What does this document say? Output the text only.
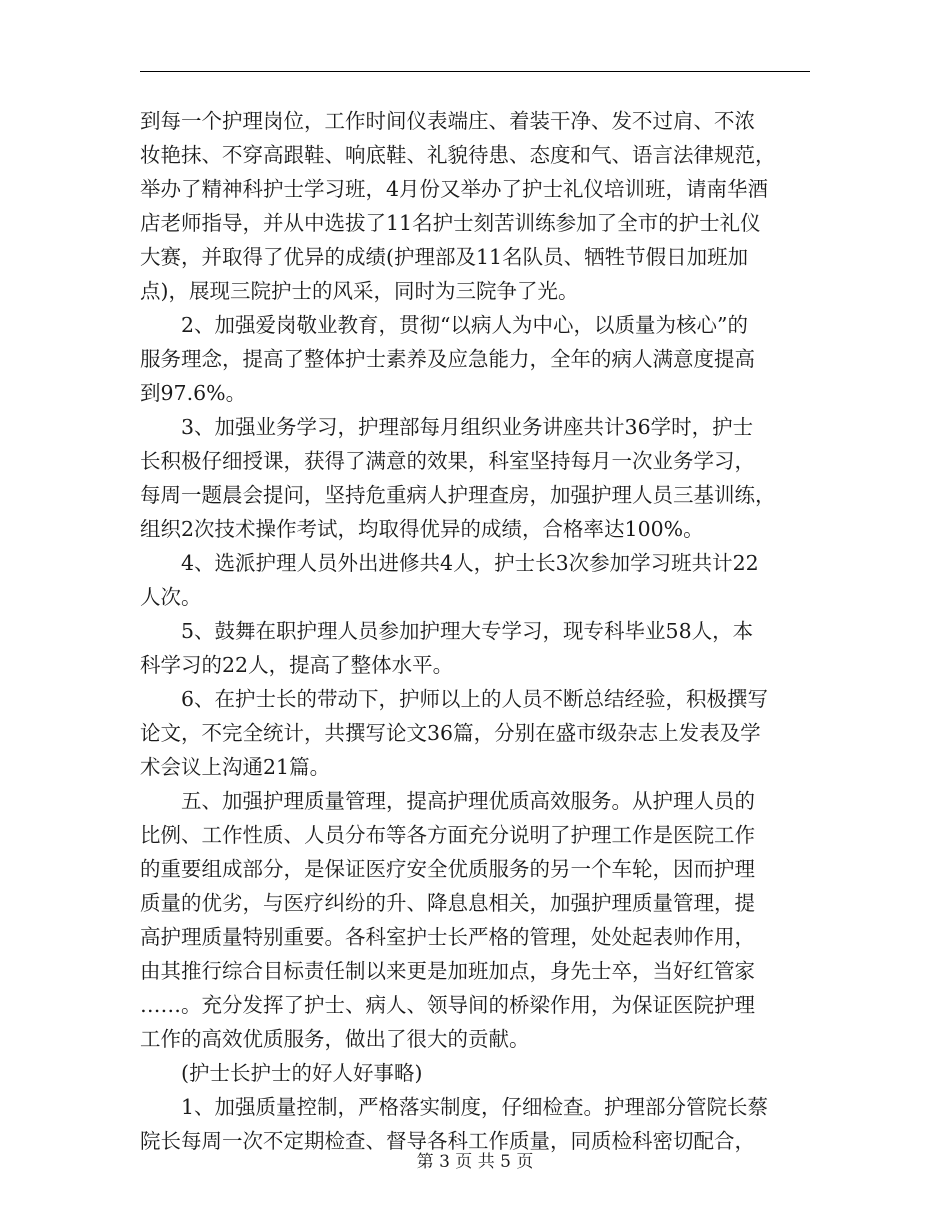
到每一个护理岗位，工作时间仪表端庄、着装干净、发不过肩、不浓
妆艳抹、不穿高跟鞋、响底鞋、礼貌待患、态度和气、语言法律规范，
举办了精神科护士学习班，4月份又举办了护士礼仪培训班，请南华酒
店老师指导，并从中选拔了11名护士刻苦训练参加了全市的护士礼仪
大赛，并取得了优异的成绩(护理部及11名队员、牺牲节假日加班加
点)，展现三院护士的风采，同时为三院争了光。
　　2、加强爱岗敬业教育，贯彻“以病人为中心，以质量为核心”的
服务理念，提高了整体护士素养及应急能力，全年的病人满意度提高
到97.6%。
　　3、加强业务学习，护理部每月组织业务讲座共计36学时，护士
长积极仔细授课，获得了满意的效果，科室坚持每月一次业务学习，
每周一题晨会提问，坚持危重病人护理查房，加强护理人员三基训练，
组织2次技术操作考试，均取得优异的成绩，合格率达100%。
　　4、选派护理人员外出进修共4人，护士长3次参加学习班共计22
人次。
　　5、鼓舞在职护理人员参加护理大专学习，现专科毕业58人，本
科学习的22人，提高了整体水平。
　　6、在护士长的带动下，护师以上的人员不断总结经验，积极撰写
论文，不完全统计，共撰写论文36篇，分别在盛市级杂志上发表及学
术会议上沟通21篇。
　　五、加强护理质量管理，提高护理优质高效服务。从护理人员的
比例、工作性质、人员分布等各方面充分说明了护理工作是医院工作
的重要组成部分，是保证医疗安全优质服务的另一个车轮，因而护理
质量的优劣，与医疗纠纷的升、降息息相关，加强护理质量管理，提
高护理质量特别重要。各科室护士长严格的管理，处处起表帅作用，
由其推行综合目标责任制以来更是加班加点，身先士卒，当好红管家
……。充分发挥了护士、病人、领导间的桥梁作用，为保证医院护理
工作的高效优质服务，做出了很大的贡献。
　　(护士长护士的好人好事略)
　　1、加强质量控制，严格落实制度，仔细检查。护理部分管院长蔡
院长每周一次不定期检查、督导各科工作质量，同质检科密切配合，
第 3 页 共 5 页
